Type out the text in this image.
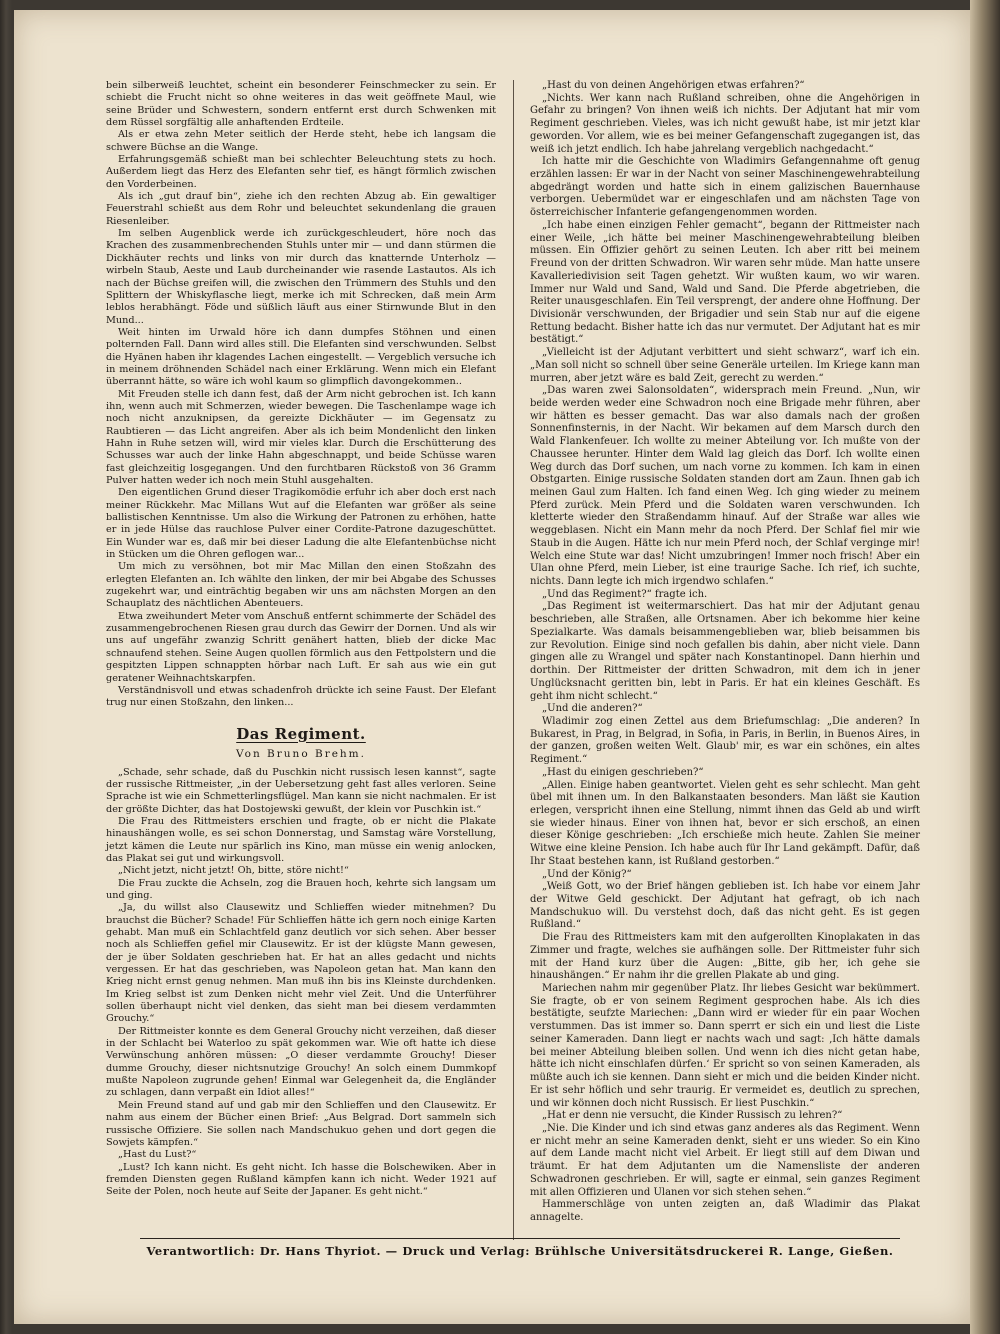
bein silberweiß leuchtet, scheint ein besonderer Feinschmecker zu sein. Er schiebt die Frucht nicht so ohne weiteres in das weit geöffnete Maul, wie seine Brüder und Schwestern, sondern entfernt erst durch Schwenken mit dem Rüssel sorgfältig alle anhaftenden Erdteile.

Als er etwa zehn Meter seitlich der Herde steht, hebe ich langsam die schwere Büchse an die Wange.

Erfahrungsgemäß schießt man bei schlechter Beleuchtung stets zu hoch. Außerdem liegt das Herz des Elefanten sehr tief, es hängt förmlich zwischen den Vorderbeinen.

Als ich „gut drauf bin“, ziehe ich den rechten Abzug ab. Ein gewaltiger Feuerstrahl schießt aus dem Rohr und beleuchtet sekundenlang die grauen Riesenleiber.

Im selben Augenblick werde ich zurückgeschleudert, höre noch das Krachen des zusammenbrechenden Stuhls unter mir — und dann stürmen die Dickhäuter rechts und links von mir durch das knatternde Unterholz — wirbeln Staub, Aeste und Laub durcheinander wie rasende Lastautos. Als ich nach der Büchse greifen will, die zwischen den Trümmern des Stuhls und den Splittern der Whiskyflasche liegt, merke ich mit Schrecken, daß mein Arm leblos herabhängt. Föde und süßlich läuft aus einer Stirnwunde Blut in den Mund...

Weit hinten im Urwald höre ich dann dumpfes Stöhnen und einen polternden Fall. Dann wird alles still. Die Elefanten sind verschwunden. Selbst die Hyänen haben ihr klagendes Lachen eingestellt. — Vergeblich versuche ich in meinem dröhnenden Schädel nach einer Erklärung. Wenn mich ein Elefant überrannt hätte, so wäre ich wohl kaum so glimpflich davongekommen..

Mit Freuden stelle ich dann fest, daß der Arm nicht gebrochen ist. Ich kann ihn, wenn auch mit Schmerzen, wieder bewegen. Die Taschenlampe wage ich noch nicht anzuknipsen, da gereizte Dickhäuter — im Gegensatz zu Raubtieren — das Licht angreifen. Aber als ich beim Mondenlicht den linken Hahn in Ruhe setzen will, wird mir vieles klar. Durch die Erschütterung des Schusses war auch der linke Hahn abgeschnappt, und beide Schüsse waren fast gleichzeitig losgegangen. Und den furchtbaren Rückstoß von 36 Gramm Pulver hatten weder ich noch mein Stuhl ausgehalten.

Den eigentlichen Grund dieser Tragikomödie erfuhr ich aber doch erst nach meiner Rückkehr. Mac Millans Wut auf die Elefanten war größer als seine ballistischen Kenntnisse. Um also die Wirkung der Patronen zu erhöhen, hatte er in jede Hülse das rauchlose Pulver einer Cordite-Patrone dazugeschüttet. Ein Wunder war es, daß mir bei dieser Ladung die alte Elefantenbüchse nicht in Stücken um die Ohren geflogen war...

Um mich zu versöhnen, bot mir Mac Millan den einen Stoßzahn des erlegten Elefanten an. Ich wählte den linken, der mir bei Abgabe des Schusses zugekehrt war, und einträchtig begaben wir uns am nächsten Morgen an den Schauplatz des nächtlichen Abenteuers.

Etwa zweihundert Meter vom Anschuß entfernt schimmerte der Schädel des zusammengebrochenen Riesen grau durch das Gewirr der Dornen. Und als wir uns auf ungefähr zwanzig Schritt genähert hatten, blieb der dicke Mac schnaufend stehen. Seine Augen quollen förmlich aus den Fettpolstern und die gespitzten Lippen schnappten hörbar nach Luft. Er sah aus wie ein gut geratener Weihnachtskarpfen.

Verständnisvoll und etwas schadenfroh drückte ich seine Faust. Der Elefant trug nur einen Stoßzahn, den linken...

Das Regiment.
Von Bruno Brehm.

„Schade, sehr schade, daß du Puschkin nicht russisch lesen kannst“, sagte der russische Rittmeister, „in der Uebersetzung geht fast alles verloren. Seine Sprache ist wie ein Schmetterlingsflügel. Man kann sie nicht nachmalen. Er ist der größte Dichter, das hat Dostojewski gewußt, der klein vor Puschkin ist.“

Die Frau des Rittmeisters erschien und fragte, ob er nicht die Plakate hinaushängen wolle, es sei schon Donnerstag, und Samstag wäre Vorstellung, jetzt kämen die Leute nur spärlich ins Kino, man müsse ein wenig anlocken, das Plakat sei gut und wirkungsvoll.

„Nicht jetzt, nicht jetzt! Oh, bitte, störe nicht!“

Die Frau zuckte die Achseln, zog die Brauen hoch, kehrte sich langsam um und ging.

„Ja, du willst also Clausewitz und Schlieffen wieder mitnehmen? Du brauchst die Bücher? Schade! Für Schlieffen hätte ich gern noch einige Karten gehabt. Man muß ein Schlachtfeld ganz deutlich vor sich sehen. Aber besser noch als Schlieffen gefiel mir Clausewitz. Er ist der klügste Mann gewesen, der je über Soldaten geschrieben hat. Er hat an alles gedacht und nichts vergessen. Er hat das geschrieben, was Napoleon getan hat. Man kann den Krieg nicht ernst genug nehmen. Man muß ihn bis ins Kleinste durchdenken. Im Krieg selbst ist zum Denken nicht mehr viel Zeit. Und die Unterführer sollen überhaupt nicht viel denken, das sieht man bei diesem verdammten Grouchy.“

Der Rittmeister konnte es dem General Grouchy nicht verzeihen, daß dieser in der Schlacht bei Waterloo zu spät gekommen war. Wie oft hatte ich diese Verwünschung anhören müssen: „O dieser verdammte Grouchy! Dieser dumme Grouchy, dieser nichtsnutzige Grouchy! An solch einem Dummkopf mußte Napoleon zugrunde gehen! Einmal war Gelegenheit da, die Engländer zu schlagen, dann verpaßt ein Idiot alles!“

Mein Freund stand auf und gab mir den Schlieffen und den Clausewitz. Er nahm aus einem der Bücher einen Brief: „Aus Belgrad. Dort sammeln sich russische Offiziere. Sie sollen nach Mandschukuo gehen und dort gegen die Sowjets kämpfen.“

„Hast du Lust?“

„Lust? Ich kann nicht. Es geht nicht. Ich hasse die Bolschewiken. Aber in fremden Diensten gegen Rußland kämpfen kann ich nicht. Weder 1921 auf Seite der Polen, noch heute auf Seite der Japaner. Es geht nicht.“

„Hast du von deinen Angehörigen etwas erfahren?“

„Nichts. Wer kann nach Rußland schreiben, ohne die Angehörigen in Gefahr zu bringen? Von ihnen weiß ich nichts. Der Adjutant hat mir vom Regiment geschrieben. Vieles, was ich nicht gewußt habe, ist mir jetzt klar geworden. Vor allem, wie es bei meiner Gefangenschaft zugegangen ist, das weiß ich jetzt endlich. Ich habe jahrelang vergeblich nachgedacht.“

Ich hatte mir die Geschichte von Wladimirs Gefangennahme oft genug erzählen lassen: Er war in der Nacht von seiner Maschinengewehrabteilung abgedrängt worden und hatte sich in einem galizischen Bauernhause verborgen. Uebermüdet war er eingeschlafen und am nächsten Tage von österreichischer Infanterie gefangengenommen worden.

„Ich habe einen einzigen Fehler gemacht“, begann der Rittmeister nach einer Weile, „ich hätte bei meiner Maschinengewehrabteilung bleiben müssen. Ein Offizier gehört zu seinen Leuten. Ich aber ritt bei meinem Freund von der dritten Schwadron. Wir waren sehr müde. Man hatte unsere Kavalleriedivision seit Tagen gehetzt. Wir wußten kaum, wo wir waren. Immer nur Wald und Sand, Wald und Sand. Die Pferde abgetrieben, die Reiter unausgeschlafen. Ein Teil versprengt, der andere ohne Hoffnung. Der Divisionär verschwunden, der Brigadier und sein Stab nur auf die eigene Rettung bedacht. Bisher hatte ich das nur vermutet. Der Adjutant hat es mir bestätigt.“

„Vielleicht ist der Adjutant verbittert und sieht schwarz“, warf ich ein. „Man soll nicht so schnell über seine Generäle urteilen. Im Kriege kann man murren, aber jetzt wäre es bald Zeit, gerecht zu werden.“

„Das waren zwei Salonsoldaten“, widersprach mein Freund. „Nun, wir beide werden weder eine Schwadron noch eine Brigade mehr führen, aber wir hätten es besser gemacht. Das war also damals nach der großen Sonnenfinsternis, in der Nacht. Wir bekamen auf dem Marsch durch den Wald Flankenfeuer. Ich wollte zu meiner Abteilung vor. Ich mußte von der Chaussee herunter. Hinter dem Wald lag gleich das Dorf. Ich wollte einen Weg durch das Dorf suchen, um nach vorne zu kommen. Ich kam in einen Obstgarten. Einige russische Soldaten standen dort am Zaun. Ihnen gab ich meinen Gaul zum Halten. Ich fand einen Weg. Ich ging wieder zu meinem Pferd zurück. Mein Pferd und die Soldaten waren verschwunden. Ich kletterte wieder den Straßendamm hinauf. Auf der Straße war alles wie weggeblasen. Nicht ein Mann mehr da noch Pferd. Der Schlaf fiel mir wie Staub in die Augen. Hätte ich nur mein Pferd noch, der Schlaf verginge mir! Welch eine Stute war das! Nicht umzubringen! Immer noch frisch! Aber ein Ulan ohne Pferd, mein Lieber, ist eine traurige Sache. Ich rief, ich suchte, nichts. Dann legte ich mich irgendwo schlafen.“

„Und das Regiment?“ fragte ich.

„Das Regiment ist weitermarschiert. Das hat mir der Adjutant genau beschrieben, alle Straßen, alle Ortsnamen. Aber ich bekomme hier keine Spezialkarte. Was damals beisammengeblieben war, blieb beisammen bis zur Revolution. Einige sind noch gefallen bis dahin, aber nicht viele. Dann gingen alle zu Wrangel und später nach Konstantinopel. Dann hierhin und dorthin. Der Rittmeister der dritten Schwadron, mit dem ich in jener Unglücksnacht geritten bin, lebt in Paris. Er hat ein kleines Geschäft. Es geht ihm nicht schlecht.“

„Und die anderen?“

Wladimir zog einen Zettel aus dem Briefumschlag: „Die anderen? In Bukarest, in Prag, in Belgrad, in Sofia, in Paris, in Berlin, in Buenos Aires, in der ganzen, großen weiten Welt. Glaub' mir, es war ein schönes, ein altes Regiment.“

„Hast du einigen geschrieben?“

„Allen. Einige haben geantwortet. Vielen geht es sehr schlecht. Man geht übel mit ihnen um. In den Balkanstaaten besonders. Man läßt sie Kaution erlegen, verspricht ihnen eine Stellung, nimmt ihnen das Geld ab und wirft sie wieder hinaus. Einer von ihnen hat, bevor er sich erschoß, an einen dieser Könige geschrieben: „Ich erschieße mich heute. Zahlen Sie meiner Witwe eine kleine Pension. Ich habe auch für Ihr Land gekämpft. Dafür, daß Ihr Staat bestehen kann, ist Rußland gestorben.“

„Und der König?“

„Weiß Gott, wo der Brief hängen geblieben ist. Ich habe vor einem Jahr der Witwe Geld geschickt. Der Adjutant hat gefragt, ob ich nach Mandschukuo will. Du verstehst doch, daß das nicht geht. Es ist gegen Rußland.“

Die Frau des Rittmeisters kam mit den aufgerollten Kinoplakaten in das Zimmer und fragte, welches sie aufhängen solle. Der Rittmeister fuhr sich mit der Hand kurz über die Augen: „Bitte, gib her, ich gehe sie hinaushängen.“ Er nahm ihr die grellen Plakate ab und ging.

Mariechen nahm mir gegenüber Platz. Ihr liebes Gesicht war bekümmert. Sie fragte, ob er von seinem Regiment gesprochen habe. Als ich dies bestätigte, seufzte Mariechen: „Dann wird er wieder für ein paar Wochen verstummen. Das ist immer so. Dann sperrt er sich ein und liest die Liste seiner Kameraden. Dann liegt er nachts wach und sagt: ‚Ich hätte damals bei meiner Abteilung bleiben sollen. Und wenn ich dies nicht getan habe, hätte ich nicht einschlafen dürfen.‘ Er spricht so von seinen Kameraden, als müßte auch ich sie kennen. Dann sieht er mich und die beiden Kinder nicht. Er ist sehr höflich und sehr traurig. Er vermeidet es, deutlich zu sprechen, und wir können doch nicht Russisch. Er liest Puschkin.“

„Hat er denn nie versucht, die Kinder Russisch zu lehren?“

„Nie. Die Kinder und ich sind etwas ganz anderes als das Regiment. Wenn er nicht mehr an seine Kameraden denkt, sieht er uns wieder. So ein Kino auf dem Lande macht nicht viel Arbeit. Er liegt still auf dem Diwan und träumt. Er hat dem Adjutanten um die Namensliste der anderen Schwadronen geschrieben. Er will, sagte er einmal, sein ganzes Regiment mit allen Offizieren und Ulanen vor sich stehen sehen.“

Hammerschläge von unten zeigten an, daß Wladimir das Plakat annagelte.

Verantwortlich: Dr. Hans Thyriot. — Druck und Verlag: Brühlsche Universitätsdruckerei R. Lange, Gießen.
